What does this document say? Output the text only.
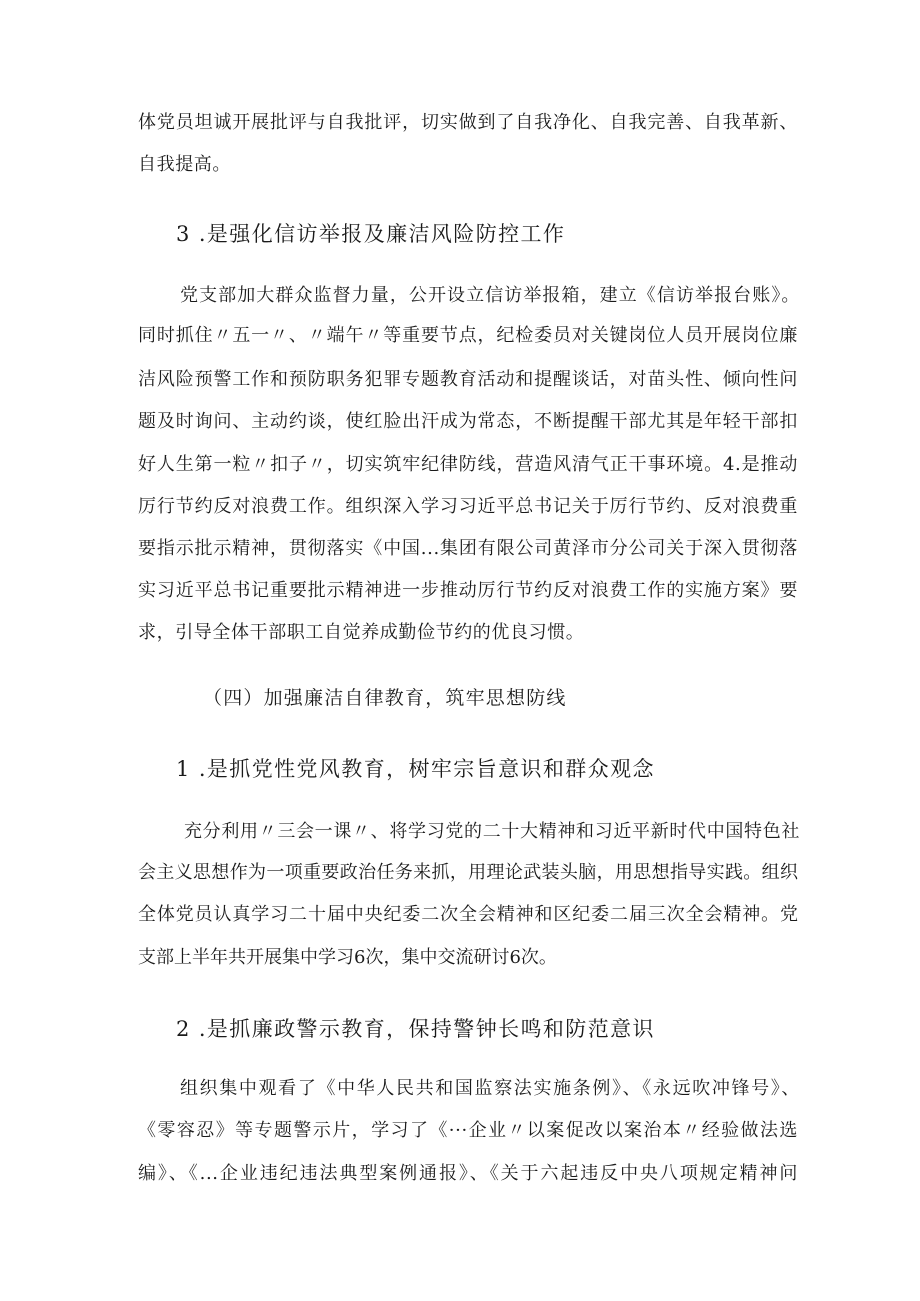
体党员坦诚开展批评与自我批评，切实做到了自我净化、自我完善、自我革新、
自我提高。
3 .是强化信访举报及廉洁风险防控工作
党支部加大群众监督力量，公开设立信访举报箱，建立《信访举报台账》。
同时抓住〃五一〃、〃端午〃等重要节点，纪检委员对关键岗位人员开展岗位廉
洁风险预警工作和预防职务犯罪专题教育活动和提醒谈话，对苗头性、倾向性问
题及时询问、主动约谈，使红脸出汗成为常态，不断提醒干部尤其是年轻干部扣
好人生第一粒〃扣子〃，切实筑牢纪律防线，营造风清气正干事环境。4.是推动
厉行节约反对浪费工作。组织深入学习习近平总书记关于厉行节约、反对浪费重
要指示批示精神，贯彻落实《中国...集团有限公司黄泽市分公司关于深入贯彻落
实习近平总书记重要批示精神进一步推动厉行节约反对浪费工作的实施方案》要
求，引导全体干部职工自觉养成勤俭节约的优良习惯。
（四）加强廉洁自律教育，筑牢思想防线
1 .是抓党性党风教育，树牢宗旨意识和群众观念
充分利用〃三会一课〃、将学习党的二十大精神和习近平新时代中国特色社
会主义思想作为一项重要政治任务来抓，用理论武装头脑，用思想指导实践。组织
全体党员认真学习二十届中央纪委二次全会精神和区纪委二届三次全会精神。党
支部上半年共开展集中学习6次，集中交流研讨6次。
2 .是抓廉政警示教育，保持警钟长鸣和防范意识
组织集中观看了《中华人民共和国监察法实施条例》、《永远吹冲锋号》、
《零容忍》等专题警示片，学习了《···企业〃以案促改以案治本〃经验做法选
编》、《...企业违纪违法典型案例通报》、《关于六起违反中央八项规定精神问
